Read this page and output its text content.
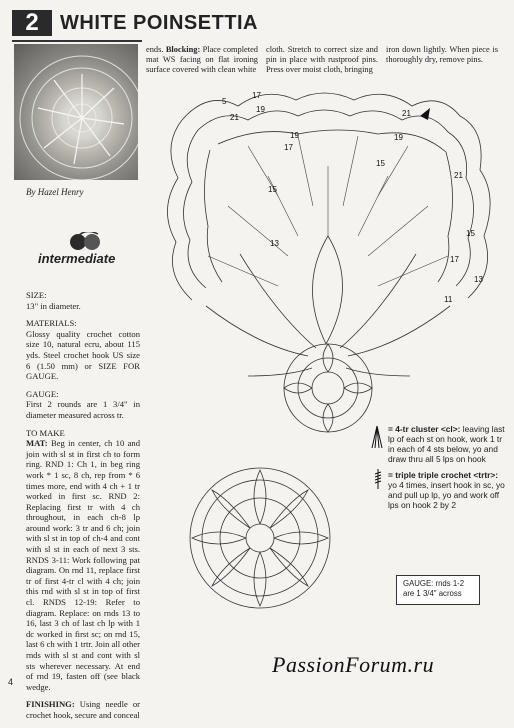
2	WHITE POINSETTIA
By Hazel Henry
intermediate
SIZE:

13" in diameter.

MATERIALS:

Glossy quality crochet cotton size 10, natural ecru, about 115 yds. Steel crochet hook US size 6 (1.50 mm) or SIZE FOR GAUGE.

GAUGE:

First 2 rounds are 1 3/4" in diameter measured across tr.

TO MAKE

MAT: Beg in center, ch 10 and join with sl st in first ch to form ring. RND 1: Ch 1, in beg ring work * 1 sc, 8 ch, rep from * 6 times more, end with 4 ch + 1 tr worked in first sc. RND 2: Replacing first tr with 4 ch throughout, in each ch-8 lp around work: 3 tr and 6 ch; join with sl st in top of ch-4 and cont with sl st in each of next 3 sts. RNDS 3-11: Work following pat diagram. On rnd 11, replace first tr of first 4-tr cl with 4 ch; join this rnd with sl st in top of first cl. RNDS 12-19: Refer to diagram. Replace: on rnds 13 to 16, last 3 ch of last ch lp with 1 dc worked in first sc; on rnd 15, last 6 ch with 1 trtr. Join all other rnds with sl st and cont with sl sts wherever necessary. At end of rnd 19, fasten off (see black wedge.

FINISHING: Using needle or crochet hook, secure and conceal

ends. Blocking: Place completed mat WS facing on flat ironing surface covered with clean white
cloth. Stretch to correct size and pin in place with rustproof pins. Press over moist cloth, bringing
iron down lightly. When piece is thoroughly dry, remove pins.
5
17
19
21
19
17
15
21
13
19
21
15
15
17
13
11
= 4-tr cluster <cl>: leaving last lp of each st on hook, work 1 tr in each of 4 sts below, yo and draw thru all 5 lps on hook
= triple triple crochet <trtr>: yo 4 times, insert hook in sc, yo and pull up lp, yo and work off lps on hook 2 by 2
GAUGE: rnds 1-2
are 1 3/4" across
PassionForum.ru
4
